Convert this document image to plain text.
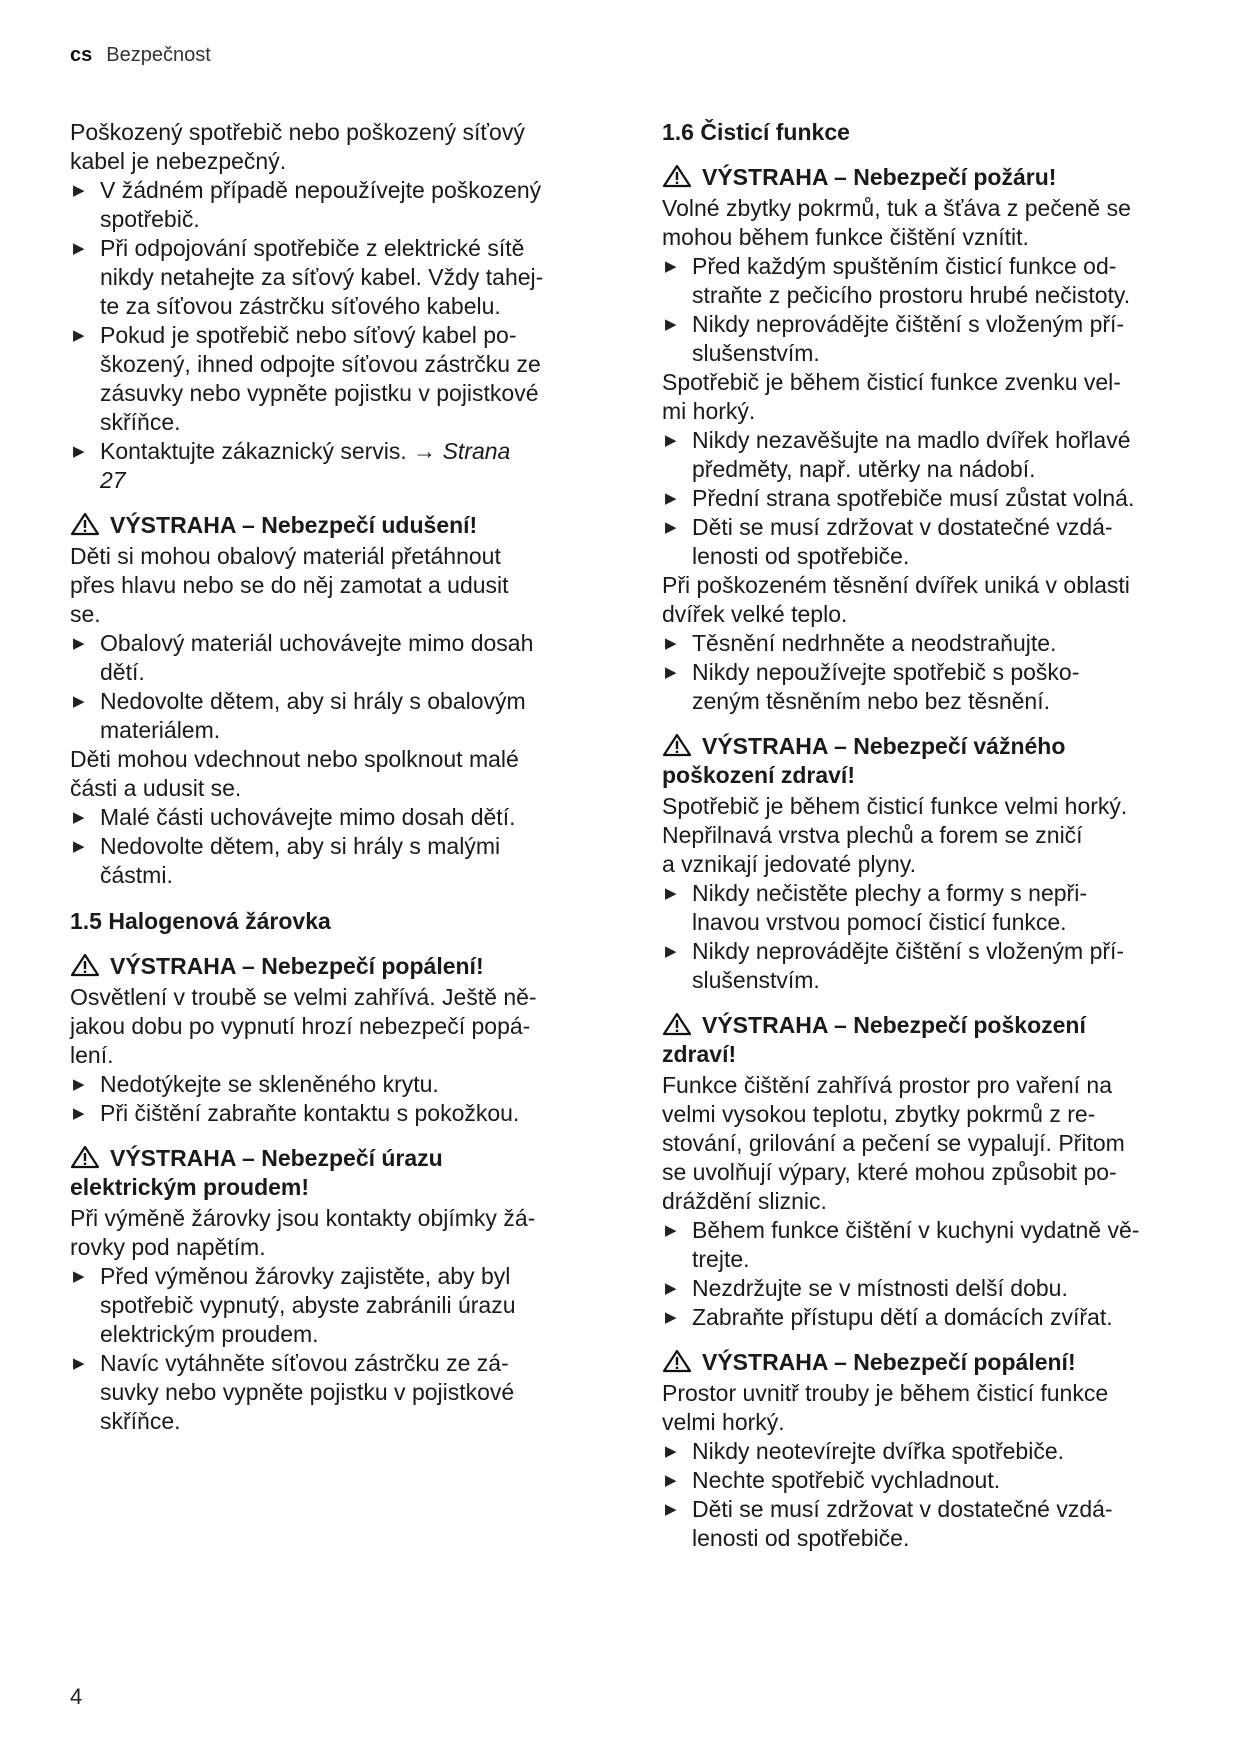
cs Bezpečnost

Poškozený spotřebič nebo poškozený síťový
kabel je nebezpečný.

▶ V žádném případě nepoužívejte poškozený
spotřebič.
▶ Při odpojování spotřebiče z elektrické sítě
nikdy netahejte za síťový kabel. Vždy tahej-
te za síťovou zástrčku síťového kabelu.
▶ Pokud je spotřebič nebo síťový kabel po-
škozený, ihned odpojte síťovou zástrčku ze
zásuvky nebo vypněte pojistku v pojistkové
skříňce.
▶ Kontaktujte zákaznický servis. → Strana
27
VÝSTRAHA – Nebezpečí udušení!

Děti si mohou obalový materiál přetáhnout
přes hlavu nebo se do něj zamotat a udusit
se.

▶ Obalový materiál uchovávejte mimo dosah
dětí.
▶ Nedovolte dětem, aby si hrály s obalovým
materiálem.

Děti mohou vdechnout nebo spolknout malé
části a udusit se.

▶ Malé části uchovávejte mimo dosah dětí.
▶ Nedovolte dětem, aby si hrály s malými
částmi.
1.5 Halogenová žárovka
VÝSTRAHA – Nebezpečí popálení!

Osvětlení v troubě se velmi zahřívá. Ještě ně-
jakou dobu po vypnutí hrozí nebezpečí popá-
lení.

▶ Nedotýkejte se skleněného krytu.
▶ Při čištění zabraňte kontaktu s pokožkou.
VÝSTRAHA – Nebezpečí úrazu
elektrickým proudem!

Při výměně žárovky jsou kontakty objímky žá-
rovky pod napětím.

▶ Před výměnou žárovky zajistěte, aby byl
spotřebič vypnutý, abyste zabránili úrazu
elektrickým proudem.
▶ Navíc vytáhněte síťovou zástrčku ze zá-
suvky nebo vypněte pojistku v pojistkové
skříňce.
1.6 Čisticí funkce
VÝSTRAHA – Nebezpečí požáru!

Volné zbytky pokrmů, tuk a šťáva z pečeně se
mohou během funkce čištění vznítit.

▶ Před každým spuštěním čisticí funkce od-
straňte z pečicího prostoru hrubé nečistoty.
▶ Nikdy neprovádějte čištění s vloženým pří-
slušenstvím.

Spotřebič je během čisticí funkce zvenku vel-
mi horký.

▶ Nikdy nezavěšujte na madlo dvířek hořlavé
předměty, např. utěrky na nádobí.
▶ Přední strana spotřebiče musí zůstat volná.
▶ Děti se musí zdržovat v dostatečné vzdá-
lenosti od spotřebiče.

Při poškozeném těsnění dvířek uniká v oblasti
dvířek velké teplo.

▶ Těsnění nedrhněte a neodstraňujte.
▶ Nikdy nepoužívejte spotřebič s poško-
zeným těsněním nebo bez těsnění.
VÝSTRAHA – Nebezpečí vážného
poškození zdraví!

Spotřebič je během čisticí funkce velmi horký.
Nepřilnavá vrstva plechů a forem se zničí
a vznikají jedovaté plyny.

▶ Nikdy nečistěte plechy a formy s nepři-
lnavou vrstvou pomocí čisticí funkce.
▶ Nikdy neprovádějte čištění s vloženým pří-
slušenstvím.
VÝSTRAHA – Nebezpečí poškození
zdraví!

Funkce čištění zahřívá prostor pro vaření na
velmi vysokou teplotu, zbytky pokrmů z re-
stování, grilování a pečení se vypalují. Přitom
se uvolňují výpary, které mohou způsobit po-
dráždění sliznic.

▶ Během funkce čištění v kuchyni vydatně vě-
trejte.
▶ Nezdržujte se v místnosti delší dobu.
▶ Zabraňte přístupu dětí a domácích zvířat.
VÝSTRAHA – Nebezpečí popálení!

Prostor uvnitř trouby je během čisticí funkce
velmi horký.

▶ Nikdy neotevírejte dvířka spotřebiče.
▶ Nechte spotřebič vychladnout.
▶ Děti se musí zdržovat v dostatečné vzdá-
lenosti od spotřebiče.
4
